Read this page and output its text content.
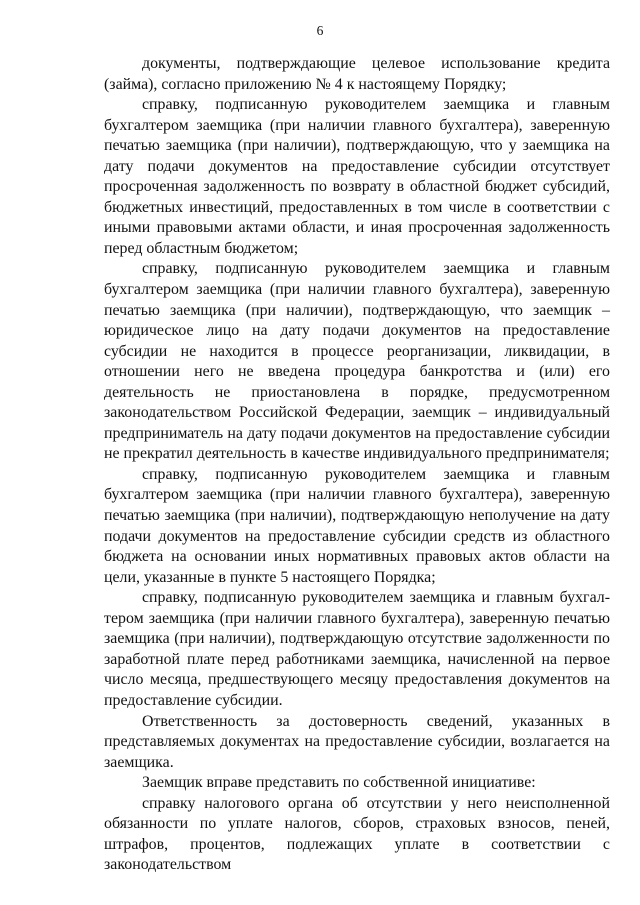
6

документы, подтверждающие целевое использование кредита (займа), согласно приложению № 4 к настоящему Порядку;

справку, подписанную руководителем заемщика и главным бухгалтером заемщика (при наличии главного бухгалтера), заверенную печатью заемщика (при наличии), подтверждающую, что у заемщика на дату подачи документов на предоставление субсидии отсутствует просроченная задолженность по возврату в областной бюджет субсидий, бюджетных инвестиций, предоставленных в том числе в соответствии с иными правовыми актами области, и иная просроченная задолженность перед областным бюджетом;

справку, подписанную руководителем заемщика и главным бухгалтером заемщика (при наличии главного бухгалтера), заверенную печатью заемщика (при наличии), подтверждающую, что заемщик – юридическое лицо на дату подачи документов на предоставление субсидии не находится в процессе реорганизации, ликвидации, в отношении него не введена процедура банкротства и (или) его деятельность не приостановлена в порядке, предусмотренном законодательством Российской Федерации, заемщик – индивидуальный предприниматель на дату подачи документов на предоставление субсидии не прекратил деятельность в качестве индивидуального предпринимателя;

справку, подписанную руководителем заемщика и главным бухгалтером заемщика (при наличии главного бухгалтера), заверенную печатью заемщика (при наличии), подтверждающую неполучение на дату подачи документов на предоставление субсидии средств из областного бюджета на основании иных нормативных правовых актов области на цели, указанные в пункте 5 настоящего Порядка;

справку, подписанную руководителем заемщика и главным бухгалтером заемщика (при наличии главного бухгалтера), заверенную печатью заемщика (при наличии), подтверждающую отсутствие задолженности по заработной плате перед работниками заемщика, начисленной на первое число месяца, предшествующего месяцу предоставления документов на предоставление субсидии.

Ответственность за достоверность сведений, указанных в представляемых документах на предоставление субсидии, возлагается на заемщика.

Заемщик вправе представить по собственной инициативе:

справку налогового органа об отсутствии у него неисполненной обязанности по уплате налогов, сборов, страховых взносов, пеней, штрафов, процентов, подлежащих уплате в соответствии с законодательством
